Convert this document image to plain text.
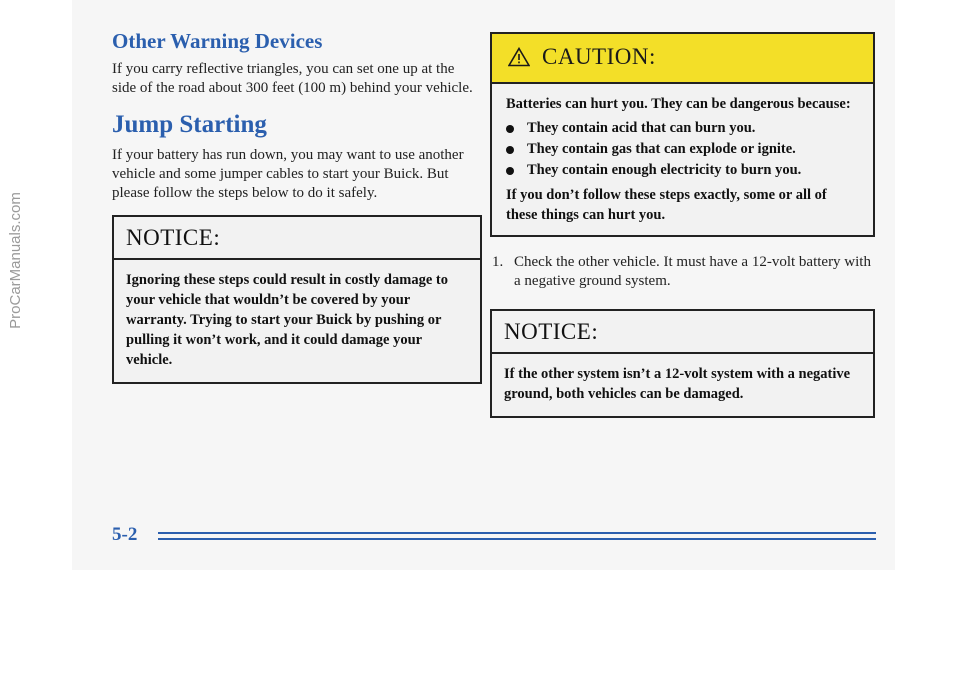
ProCarManuals.com
Other Warning Devices

If you carry reflective triangles, you can set one up at the side of the road about 300 feet (100 m) behind your vehicle.

Jump Starting

If your battery has run down, you may want to use another vehicle and some jumper cables to start your Buick. But please follow the steps below to do it safely.

NOTICE:
Ignoring these steps could result in costly damage to your vehicle that wouldn’t be covered by your warranty. Trying to start your Buick by pushing or pulling it won’t work, and it could damage your vehicle.
CAUTION:

Batteries can hurt you. They can be dangerous because:

They contain acid that can burn you.
They contain gas that can explode or ignite.
They contain enough electricity to burn you.

If you don’t follow these steps exactly, some or all of these things can hurt you.

1. Check the other vehicle. It must have a 12-volt battery with a negative ground system.
NOTICE:
If the other system isn’t a 12-volt system with a negative ground, both vehicles can be damaged.
5-2
